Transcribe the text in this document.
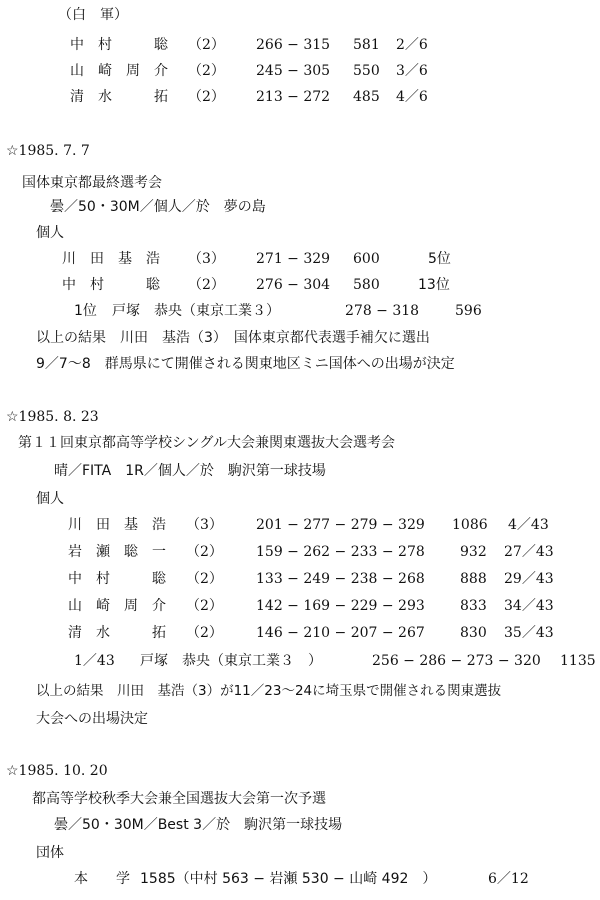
（白　軍）
中　村　　　聡 （2） 266 − 315 581 2／6
山　崎　周　介 （2） 245 − 305 550 3／6
清　水　　　拓 （2） 213 − 272 485 4／6
☆1985. 7. 7
国体東京都最終選考会
曇／50・30M／個人／於　夢の島
個人
川　田　基　浩 （3） 271 − 329 600	5位
中　村　　　聡 （2） 276 − 304 580	13位
1位 戸塚　恭央（東京工業３）	278 − 318	596
以上の結果　川田　基浩（3）　国体東京都代表選手補欠に選出
9／7〜8　群馬県にて開催される関東地区ミニ国体への出場が決定
☆1985. 8. 23
第１１回東京都高等学校シングル大会兼関東選抜大会選考会
晴／FITA　1R／個人／於　駒沢第一球技場
個人
川　田　基　浩 （3） 201 − 277 − 279 − 329 1086 4／43
岩　瀬　聡　一 （2） 159 − 262 − 233 − 278	932 27／43
中　村　　　聡 （2） 133 − 249 − 238 − 268	888 29／43
山　崎　周　介 （2） 142 − 169 − 229 − 293	833 34／43
清　水　　　拓 （2） 146 − 210 − 207 − 267	830 35／43
1／43 戸塚　恭央（東京工業３　）	256 − 286 − 273 − 320 1135
以上の結果　川田　基浩（3）が11／23〜24に埼玉県で開催される関東選抜
大会への出場決定
☆1985. 10. 20
都高等学校秋季大会兼全国選抜大会第一次予選
曇／50・30M／Best 3／於　駒沢第一球技場
団体
本　　学 1585（中村 563 − 岩瀬 530 − 山崎 492　）	6／12
